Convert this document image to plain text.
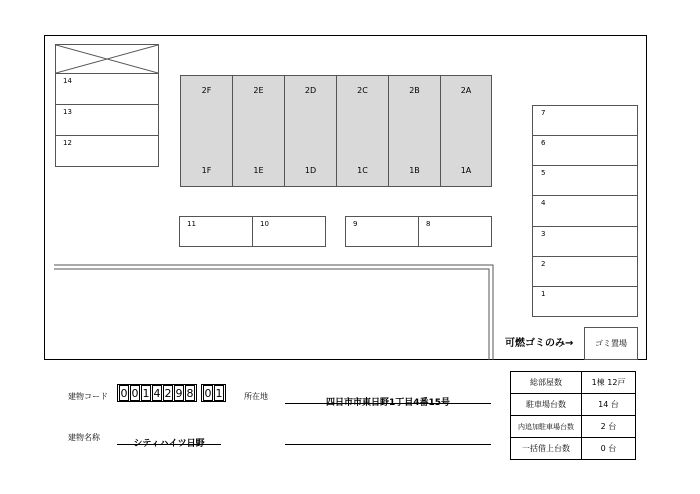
14
13
12
2F
1F
2E
1E
2D
1D
2C
1C
2B
1B
2A
1A
11	10	9	8
7
6
5
4
3
2
1
可燃ゴミのみ→	ゴミ置場
建物コード 0 0 1 4 2 9 8 0 1	所在地
四日市市東日野1丁目4番15号
建物名称
シティハイツ日野
総部屋数	1棟 12戸
駐車場台数	14 台
内追加駐車場台数	2 台
一括借上台数	0 台
